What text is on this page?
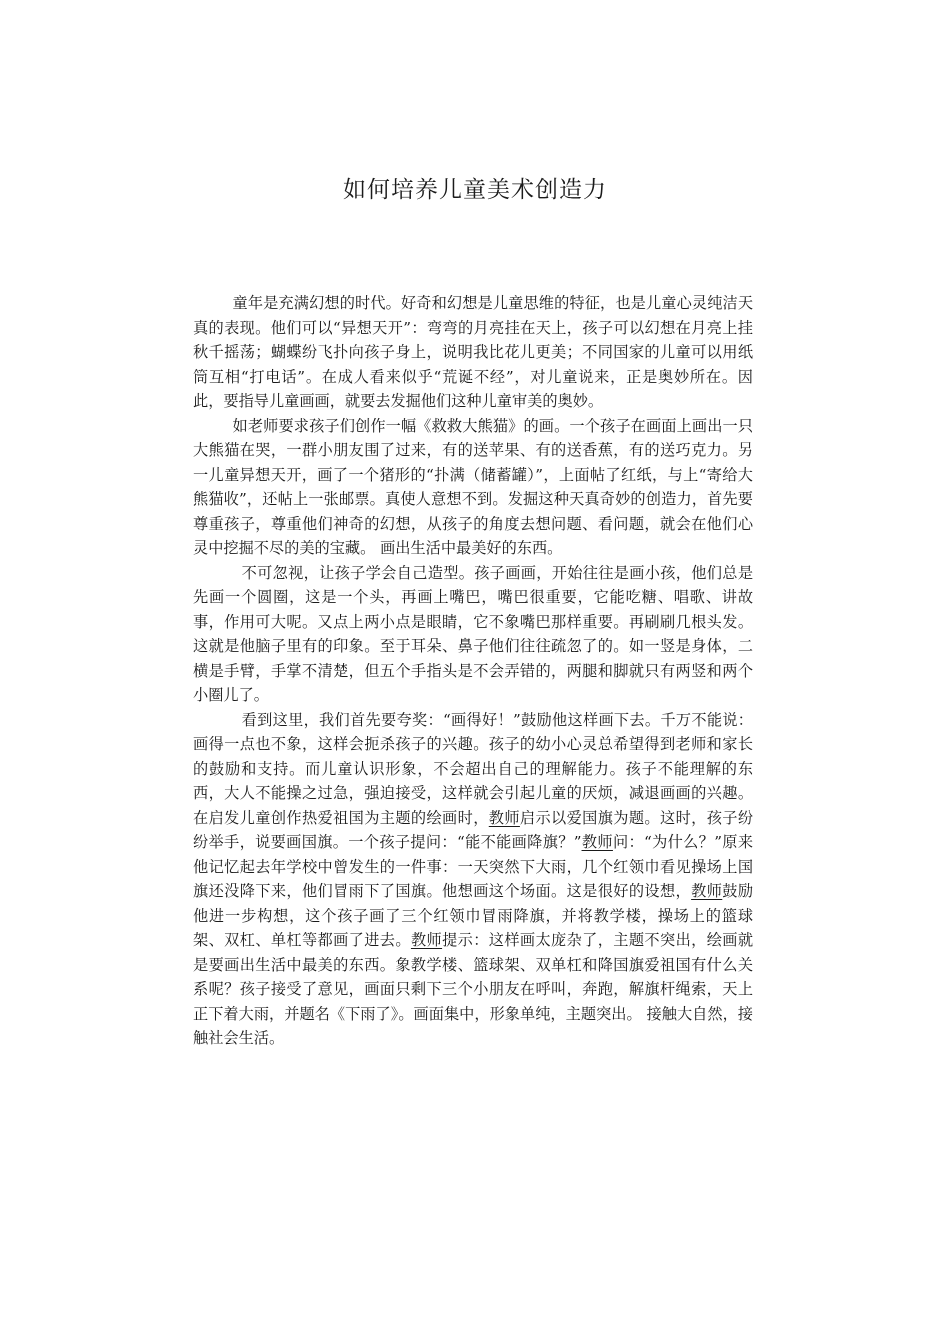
如何培养儿童美术创造力

童年是充满幻想的时代。好奇和幻想是儿童思维的特征，也是儿童心灵纯洁天真的表现。他们可以“异想天开”：弯弯的月亮挂在天上，孩子可以幻想在月亮上挂秋千摇荡；蝴蝶纷飞扑向孩子身上，说明我比花儿更美；不同国家的儿童可以用纸筒互相“打电话”。在成人看来似乎“荒诞不经”，对儿童说来，正是奥妙所在。因此，要指导儿童画画，就要去发掘他们这种儿童审美的奥妙。

如老师要求孩子们创作一幅《救救大熊猫》的画。一个孩子在画面上画出一只大熊猫在哭，一群小朋友围了过来，有的送苹果、有的送香蕉，有的送巧克力。另一儿童异想天开，画了一个猪形的“扑满（储蓄罐）”，上面帖了红纸，与上“寄给大熊猫收”，还帖上一张邮票。真使人意想不到。发掘这种天真奇妙的创造力，首先要尊重孩子，尊重他们神奇的幻想，从孩子的角度去想问题、看问题，就会在他们心灵中挖掘不尽的美的宝藏。 画出生活中最美好的东西。

不可忽视，让孩子学会自己造型。孩子画画，开始往往是画小孩，他们总是先画一个圆圈，这是一个头，再画上嘴巴，嘴巴很重要，它能吃糖、唱歌、讲故事，作用可大呢。又点上两小点是眼睛，它不象嘴巴那样重要。再刷刷几根头发。这就是他脑子里有的印象。至于耳朵、鼻子他们往往疏忽了的。如一竖是身体，二横是手臂，手掌不清楚，但五个手指头是不会弄错的，两腿和脚就只有两竖和两个小圈儿了。

看到这里，我们首先要夸奖：“画得好！”鼓励他这样画下去。千万不能说：画得一点也不象，这样会扼杀孩子的兴趣。孩子的幼小心灵总希望得到老师和家长的鼓励和支持。而儿童认识形象，不会超出自己的理解能力。孩子不能理解的东西，大人不能操之过急，强迫接受，这样就会引起儿童的厌烦，减退画画的兴趣。 在启发儿童创作热爱祖国为主题的绘画时，教师启示以爱国旗为题。这时，孩子纷纷举手，说要画国旗。一个孩子提问：“能不能画降旗？”教师问：“为什么？”原来他记忆起去年学校中曾发生的一件事：一天突然下大雨，几个红领巾看见操场上国旗还没降下来，他们冒雨下了国旗。他想画这个场面。这是很好的设想，教师鼓励他进一步构想，这个孩子画了三个红领巾冒雨降旗，并将教学楼，操场上的篮球架、双杠、单杠等都画了进去。教师提示：这样画太庞杂了，主题不突出，绘画就是要画出生活中最美的东西。象教学楼、篮球架、双单杠和降国旗爱祖国有什么关系呢？孩子接受了意见，画面只剩下三个小朋友在呼叫，奔跑，解旗杆绳索，天上正下着大雨，并题名《下雨了》。画面集中，形象单纯，主题突出。 接触大自然，接触社会生活。
